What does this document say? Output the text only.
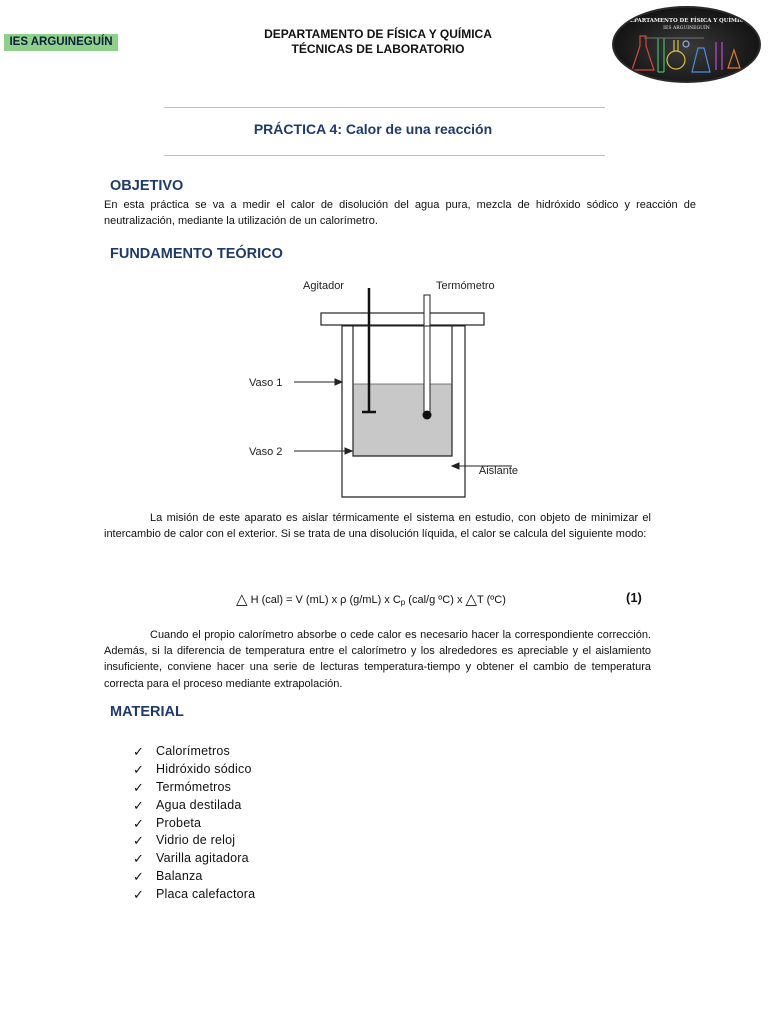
IES ARGUINEGUÍN
DEPARTAMENTO DE FÍSICA Y QUÍMICA
TÉCNICAS DE LABORATORIO
DEPARTAMENTO DE FÍSICA Y QUÍMICA
IES ARGUINEGUÍN
PRÁCTICA 4: Calor de una reacción
OBJETIVO
En esta práctica se va a medir el calor de disolución del agua pura, mezcla de hidróxido sódico y reacción de neutralización, mediante la utilización de un calorímetro.
FUNDAMENTO TEÓRICO
Agitador	Termómetro
Vaso 1
Vaso 2
Aislante
La misión de este aparato es aislar térmicamente el sistema en estudio, con objeto de minimizar el intercambio de calor con el exterior. Si se trata de una disolución líquida, el calor se calcula del siguiente modo:
△ H (cal) = V (mL) x ρ (g/mL) x $C_p$ (cal/g ºC) x △T (ºC)	(1)
Cuando el propio calorímetro absorbe o cede calor es necesario hacer la correspondiente corrección. Además, si la diferencia de temperatura entre el calorímetro y los alrededores es apreciable y el aislamiento insuficiente, conviene hacer una serie de lecturas temperatura-tiempo y obtener el cambio de temperatura correcta para el proceso mediante extrapolación.
MATERIAL
✓ Calorímetros
✓ Hidróxido sódico
✓ Termómetros
✓ Agua destilada
✓ Probeta
✓ Vidrio de reloj
✓ Varilla agitadora
✓ Balanza
✓ Placa calefactora
